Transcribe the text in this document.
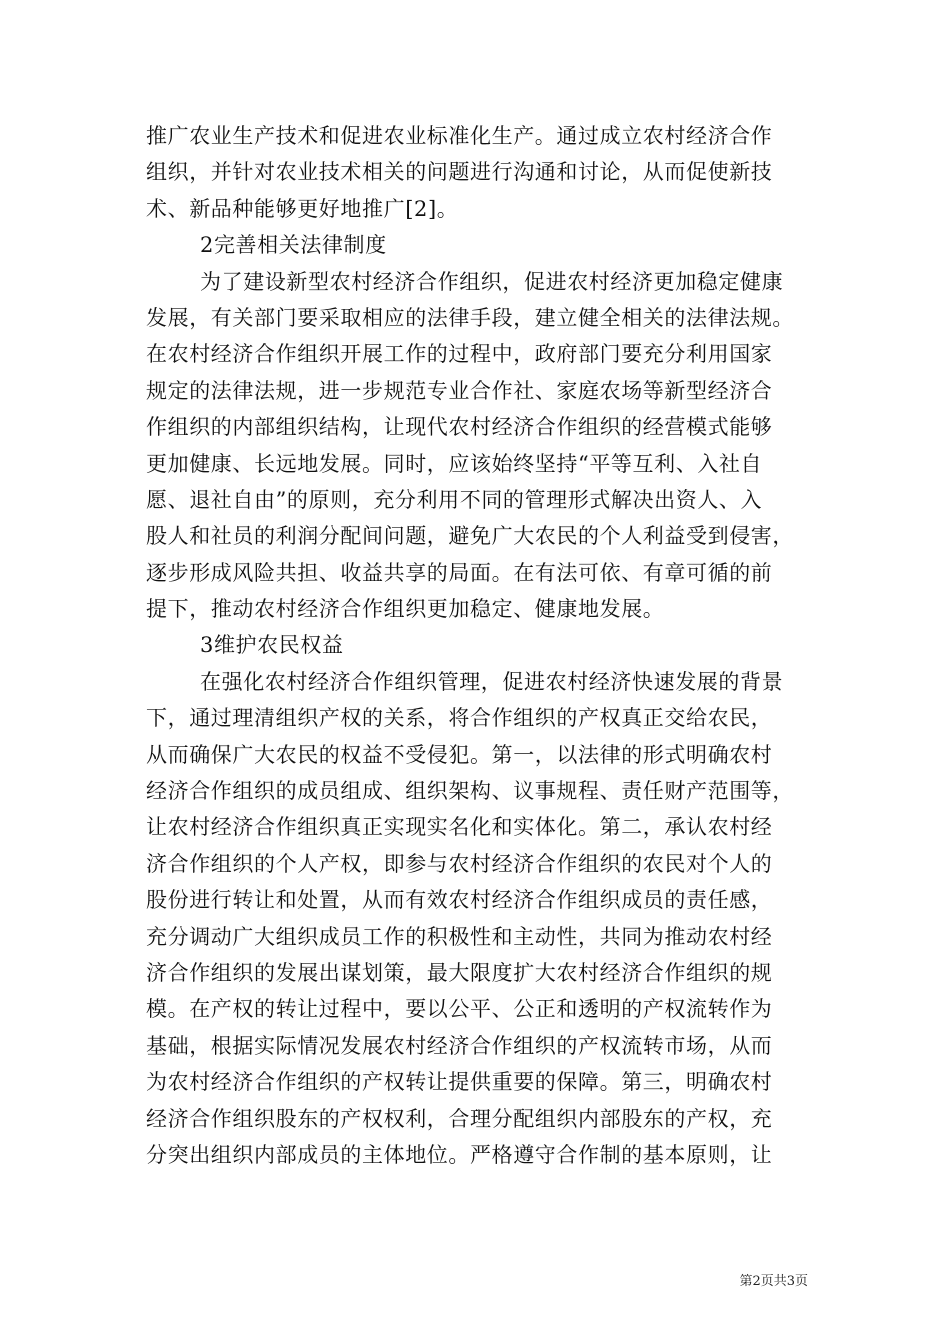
推广农业生产技术和促进农业标准化生产。通过成立农村经济合作
组织，并针对农业技术相关的问题进行沟通和讨论，从而促使新技
术、新品种能够更好地推广[2]。
2完善相关法律制度
为了建设新型农村经济合作组织，促进农村经济更加稳定健康
发展，有关部门要采取相应的法律手段，建立健全相关的法律法规。
在农村经济合作组织开展工作的过程中，政府部门要充分利用国家
规定的法律法规，进一步规范专业合作社、家庭农场等新型经济合
作组织的内部组织结构，让现代农村经济合作组织的经营模式能够
更加健康、长远地发展。同时，应该始终坚持“平等互利、入社自
愿、退社自由”的原则，充分利用不同的管理形式解决出资人、入
股人和社员的利润分配间问题，避免广大农民的个人利益受到侵害，
逐步形成风险共担、收益共享的局面。在有法可依、有章可循的前
提下，推动农村经济合作组织更加稳定、健康地发展。
3维护农民权益
在强化农村经济合作组织管理，促进农村经济快速发展的背景
下，通过理清组织产权的关系，将合作组织的产权真正交给农民，
从而确保广大农民的权益不受侵犯。第一，以法律的形式明确农村
经济合作组织的成员组成、组织架构、议事规程、责任财产范围等，
让农村经济合作组织真正实现实名化和实体化。第二，承认农村经
济合作组织的个人产权，即参与农村经济合作组织的农民对个人的
股份进行转让和处置，从而有效农村经济合作组织成员的责任感，
充分调动广大组织成员工作的积极性和主动性，共同为推动农村经
济合作组织的发展出谋划策，最大限度扩大农村经济合作组织的规
模。在产权的转让过程中，要以公平、公正和透明的产权流转作为
基础，根据实际情况发展农村经济合作组织的产权流转市场，从而
为农村经济合作组织的产权转让提供重要的保障。第三，明确农村
经济合作组织股东的产权权利，合理分配组织内部股东的产权，充
分突出组织内部成员的主体地位。严格遵守合作制的基本原则，让
第2页共3页
